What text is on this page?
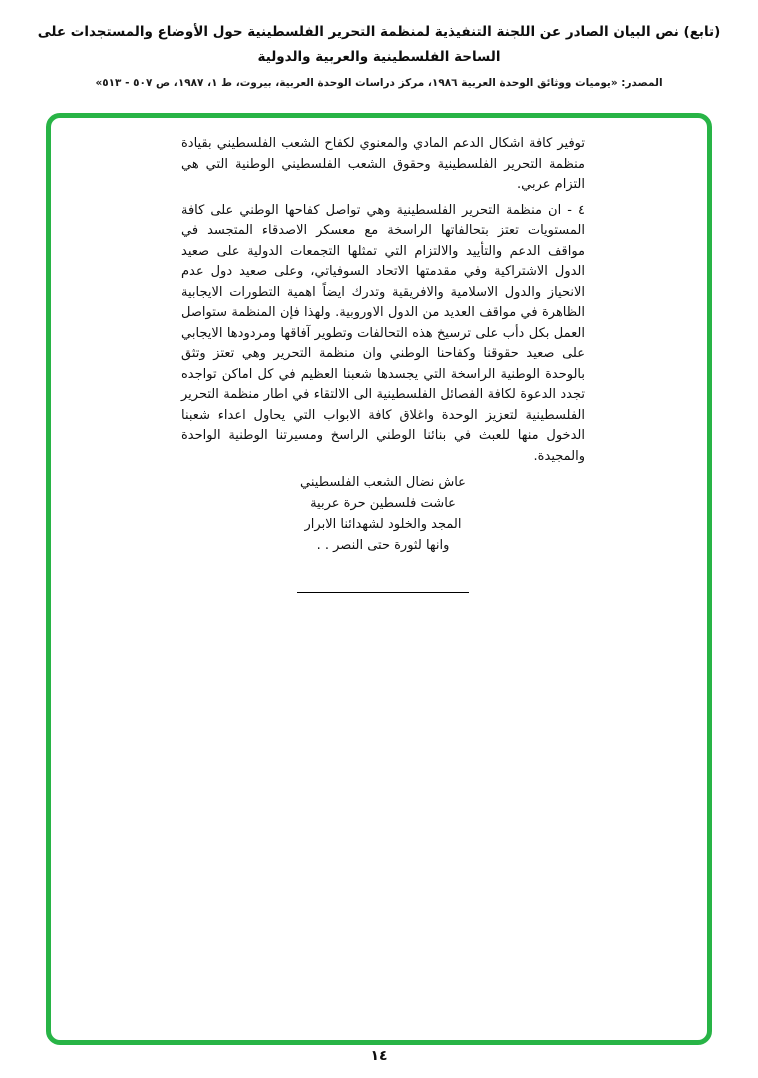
(تابع) نص البيان الصادر عن اللجنة التنفيذية لمنظمة التحرير الفلسطينية حول الأوضاع والمستجدات على الساحة الفلسطينية والعربية والدولية
المصدر: «يوميات ووثائق الوحدة العربية ١٩٨٦، مركز دراسات الوحدة العربية، بيروت، ط ١، ١٩٨٧، ص ٥٠٧ - ٥١٣»

توفير كافة اشكال الدعم المادي والمعنوي لكفاح الشعب الفلسطيني بقيادة منظمة التحرير الفلسطينية وحقوق الشعب الفلسطيني الوطنية التي هي التزام عربي.

٤ - ان منظمة التحرير الفلسطينية وهي تواصل كفاحها الوطني على كافة المستويات تعتز بتحالفاتها الراسخة مع معسكر الاصدقاء المتجسد في مواقف الدعم والتأييد والالتزام التي تمثلها التجمعات الدولية على صعيد الدول الاشتراكية وفي مقدمتها الاتحاد السوفياتي، وعلى صعيد دول عدم الانحياز والدول الاسلامية والافريقية وتدرك ايضاً اهمية التطورات الايجابية الظاهرة في مواقف العديد من الدول الاوروبية. ولهذا فإن المنظمة ستواصل العمل بكل دأب على ترسيخ هذه التحالفات وتطوير آفاقها ومردودها الايجابي على صعيد حقوقنا وكفاحنا الوطني وان منظمة التحرير وهي تعتز وتثق بالوحدة الوطنية الراسخة التي يجسدها شعبنا العظيم في كل اماكن تواجده تجدد الدعوة لكافة الفصائل الفلسطينية الى الالتقاء في اطار منظمة التحرير الفلسطينية لتعزيز الوحدة واغلاق كافة الابواب التي يحاول اعداء شعبنا الدخول منها للعبث في بنائنا الوطني الراسخ ومسيرتنا الوطنية الواحدة والمجيدة.

عاش نضال الشعب الفلسطيني
عاشت فلسطين حرة عربية
المجد والخلود لشهدائنا الابرار
وانها لثورة حتى النصر . .
١٤
